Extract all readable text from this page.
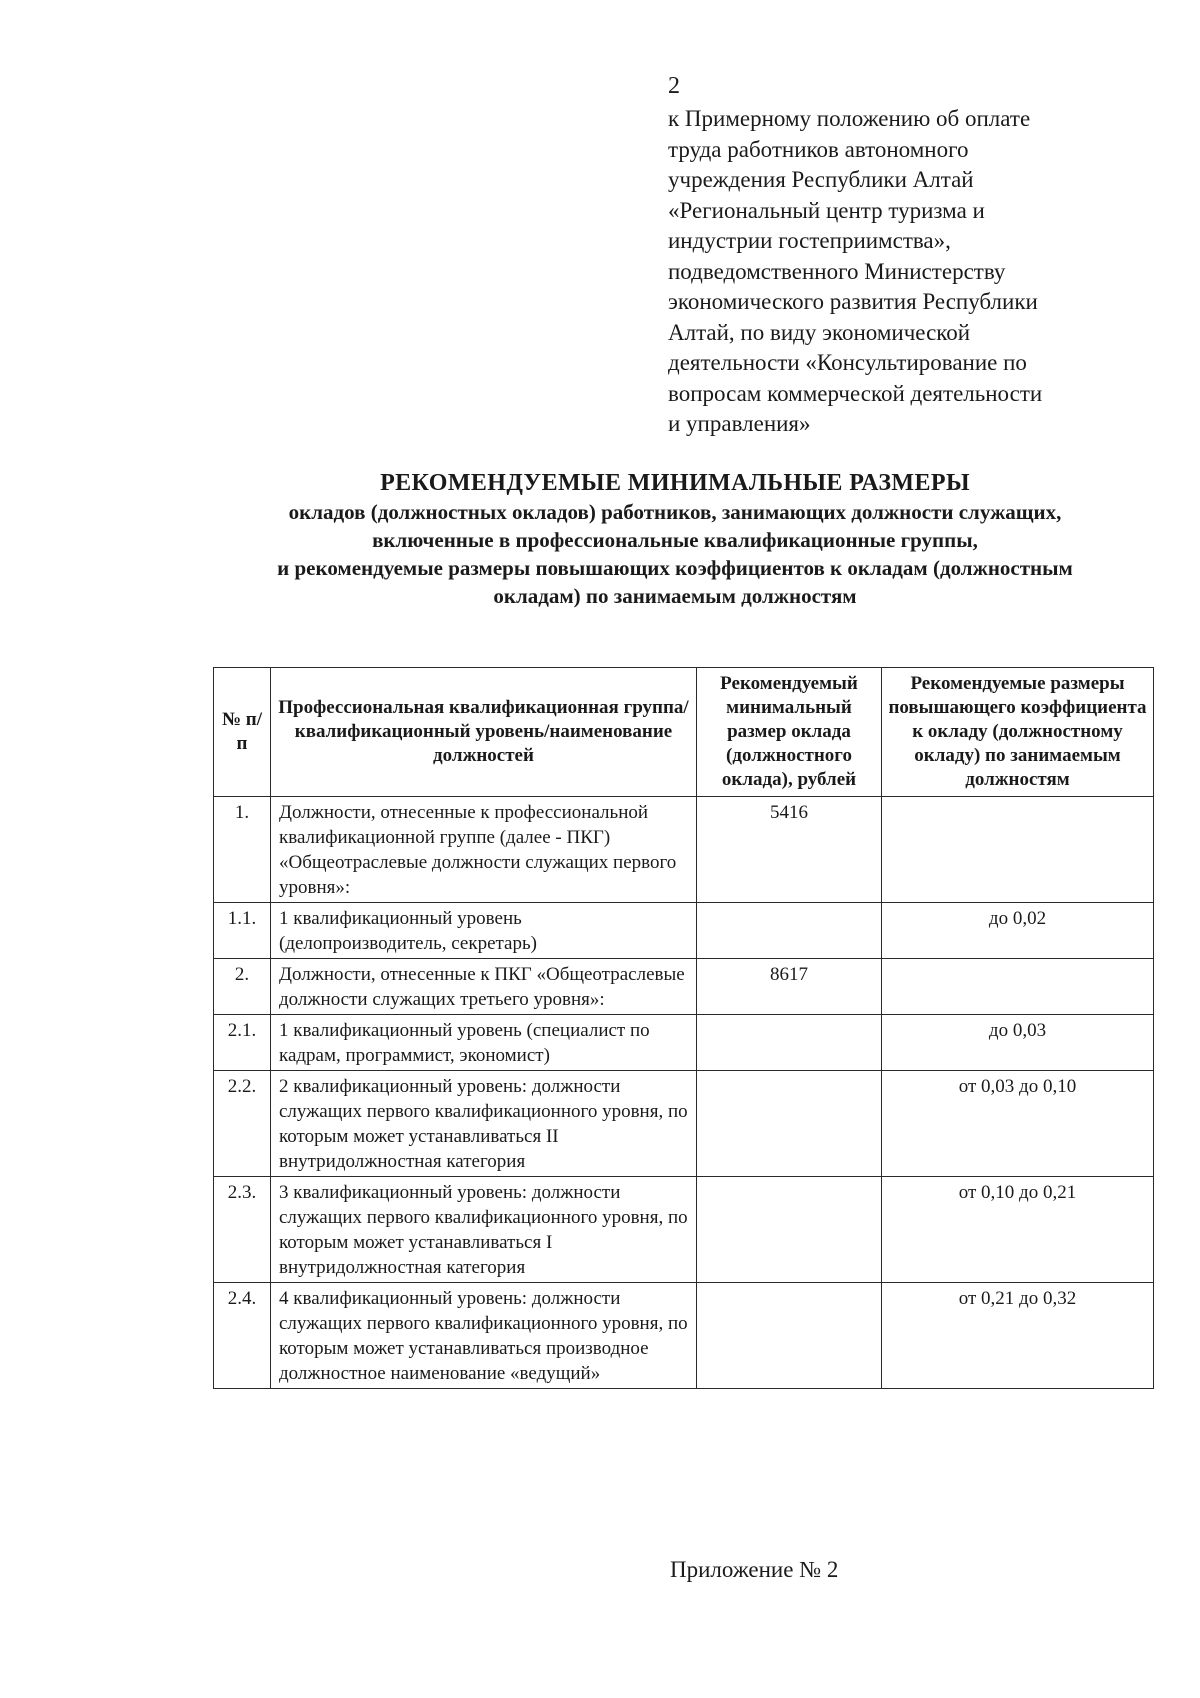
2
к Примерному положению об оплате
труда работников автономного
учреждения Республики Алтай
«Региональный центр туризма и
индустрии гостеприимства»,
подведомственного Министерству
экономического развития Республики
Алтай, по виду экономической
деятельности «Консультирование по
вопросам коммерческой деятельности
и управления»
РЕКОМЕНДУЕМЫЕ МИНИМАЛЬНЫЕ РАЗМЕРЫ
окладов (должностных окладов) работников, занимающих должности служащих,
включенные в профессиональные квалификационные группы,
и рекомендуемые размеры повышающих коэффициентов к окладам (должностным
окладам) по занимаемым должностям
№ п/п	Профессиональная квалификационная группа/квалификационный уровень/наименование должностей	Рекомендуемый минимальный размер оклада (должностного оклада), рублей	Рекомендуемые размеры повышающего коэффициента к окладу (должностному окладу) по занимаемым должностям
1.	Должности, отнесенные к профессиональной квалификационной группе (далее - ПКГ) «Общеотраслевые должности служащих первого уровня»:	5416	
1.1.	1 квалификационный уровень (делопроизводитель, секретарь)		до 0,02
2.	Должности, отнесенные к ПКГ «Общеотраслевые должности служащих третьего уровня»:	8617	
2.1.	1 квалификационный уровень (специалист по кадрам, программист, экономист)		до 0,03
2.2.	2 квалификационный уровень: должности служащих первого квалификационного уровня, по которым может устанавливаться II внутридолжностная категория		от 0,03 до 0,10
2.3.	3 квалификационный уровень: должности служащих первого квалификационного уровня, по которым может устанавливаться I внутридолжностная категория		от 0,10 до 0,21
2.4.	4 квалификационный уровень: должности служащих первого квалификационного уровня, по которым может устанавливаться производное должностное наименование «ведущий»		от 0,21 до 0,32
Приложение № 2
